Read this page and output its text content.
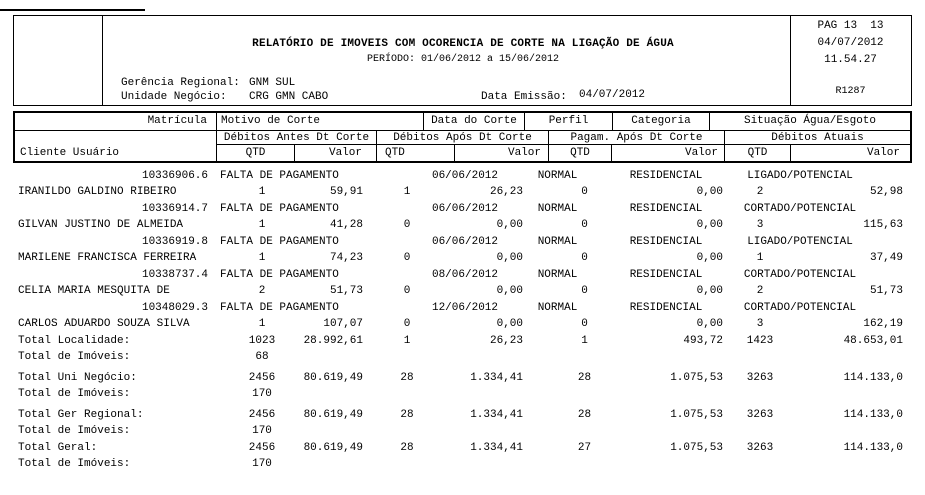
RELATÓRIO DE IMOVEIS COM OCORENCIA DE CORTE NA LIGAÇÃO DE ÁGUA
PERÍODO: 01/06/2012 a 15/06/2012
Gerência Regional: GNM SUL
Unidade Negócio: CRG GMN CABO	Data Emissão: 04/07/2012
PAG 13  13
04/07/2012
11.54.27
R1287
Matrícula	Motivo de Corte	Data do Corte	Perfil	Categoria	Situação Água/Esgoto
Débitos Antes Dt Corte	Débitos Após Dt Corte	Pagam. Após Dt Corte	Débitos Atuais
Cliente Usuário	QTD	Valor	QTD	Valor	QTD	Valor	QTD	Valor
10336906.6 FALTA DE PAGAMENTO	06/06/2012	NORMAL	RESIDENCIAL	LIGADO/POTENCIAL
IRANILDO GALDINO RIBEIRO	1	59,91	1	26,23	0	0,00	2	52,98
10336914.7 FALTA DE PAGAMENTO	06/06/2012	NORMAL	RESIDENCIAL	CORTADO/POTENCIAL
GILVAN JUSTINO DE ALMEIDA	1	41,28	0	0,00	0	0,00	3	115,63
10336919.8 FALTA DE PAGAMENTO	06/06/2012	NORMAL	RESIDENCIAL	LIGADO/POTENCIAL
MARILENE FRANCISCA FERREIRA	1	74,23	0	0,00	0	0,00	1	37,49
10338737.4 FALTA DE PAGAMENTO	08/06/2012	NORMAL	RESIDENCIAL	CORTADO/POTENCIAL
CELIA MARIA MESQUITA DE	2	51,73	0	0,00	0	0,00	2	51,73
10348029.3 FALTA DE PAGAMENTO	12/06/2012	NORMAL	RESIDENCIAL	CORTADO/POTENCIAL
CARLOS ADUARDO SOUZA SILVA	1	107,07	0	0,00	0	0,00	3	162,19
Total Localidade:	1023	28.992,61	1	26,23	1	493,72	1423	48.653,01
Total de Imóveis:	68
Total Uni Negócio:	2456	80.619,49	28	1.334,41	28	1.075,53	3263	114.133,0
Total de Imóveis:	170
Total Ger Regional:	2456	80.619,49	28	1.334,41	28	1.075,53	3263	114.133,0
Total de Imóveis:	170
Total Geral:	2456	80.619,49	28	1.334,41	27	1.075,53	3263	114.133,0
Total de Imóveis:	170
